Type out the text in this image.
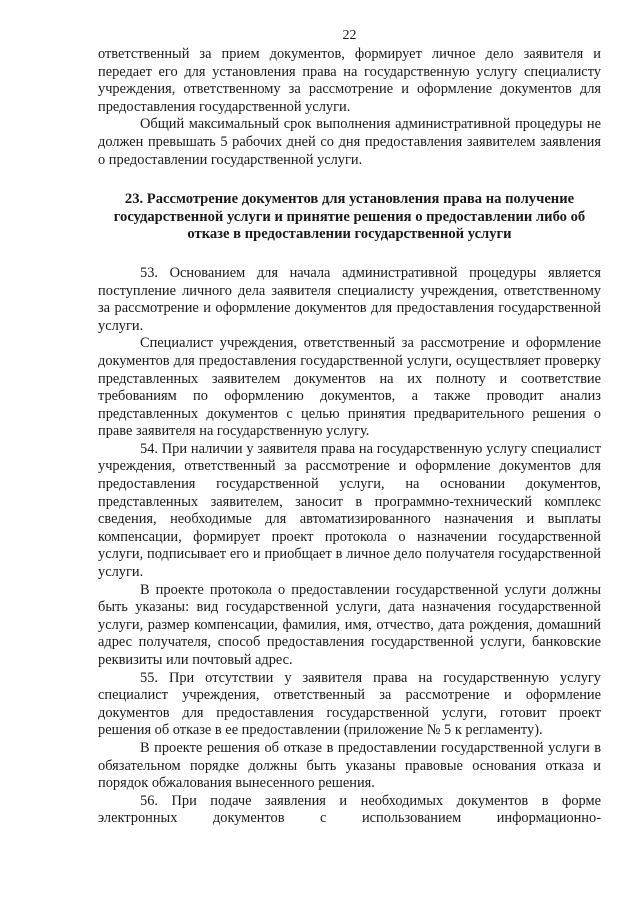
22

ответственный за прием документов, формирует личное дело заявителя и передает его для установления права на государственную услугу специалисту учреждения, ответственному за рассмотрение и оформление документов для предоставления государственной услуги.

Общий максимальный срок выполнения административной процедуры не должен превышать 5 рабочих дней со дня предоставления заявителем заявления о предоставлении государственной услуги.

23. Рассмотрение документов для установления права на получение государственной услуги и принятие решения о предоставлении либо об отказе в предоставлении государственной услуги

53. Основанием для начала административной процедуры является поступление личного дела заявителя специалисту учреждения, ответственному за рассмотрение и оформление документов для предоставления государственной услуги.

Специалист учреждения, ответственный за рассмотрение и оформление документов для предоставления государственной услуги, осуществляет проверку представленных заявителем документов на их полноту и соответствие требованиям по оформлению документов, а также проводит анализ представленных документов с целью принятия предварительного решения о праве заявителя на государственную услугу.

54. При наличии у заявителя права на государственную услугу специалист учреждения, ответственный за рассмотрение и оформление документов для предоставления государственной услуги, на основании документов, представленных заявителем, заносит в программно-технический комплекс сведения, необходимые для автоматизированного назначения и выплаты компенсации, формирует проект протокола о назначении государственной услуги, подписывает его и приобщает в личное дело получателя государственной услуги.

В проекте протокола о предоставлении государственной услуги должны быть указаны: вид государственной услуги, дата назначения государственной услуги, размер компенсации, фамилия, имя, отчество, дата рождения, домашний адрес получателя, способ предоставления государственной услуги, банковские реквизиты или почтовый адрес.

55. При отсутствии у заявителя права на государственную услугу специалист учреждения, ответственный за рассмотрение и оформление документов для предоставления государственной услуги, готовит проект решения об отказе в ее предоставлении (приложение № 5 к регламенту).

В проекте решения об отказе в предоставлении государственной услуги в обязательном порядке должны быть указаны правовые основания отказа и порядок обжалования вынесенного решения.

56. При подаче заявления и необходимых документов в форме электронных документов с использованием информационно-
